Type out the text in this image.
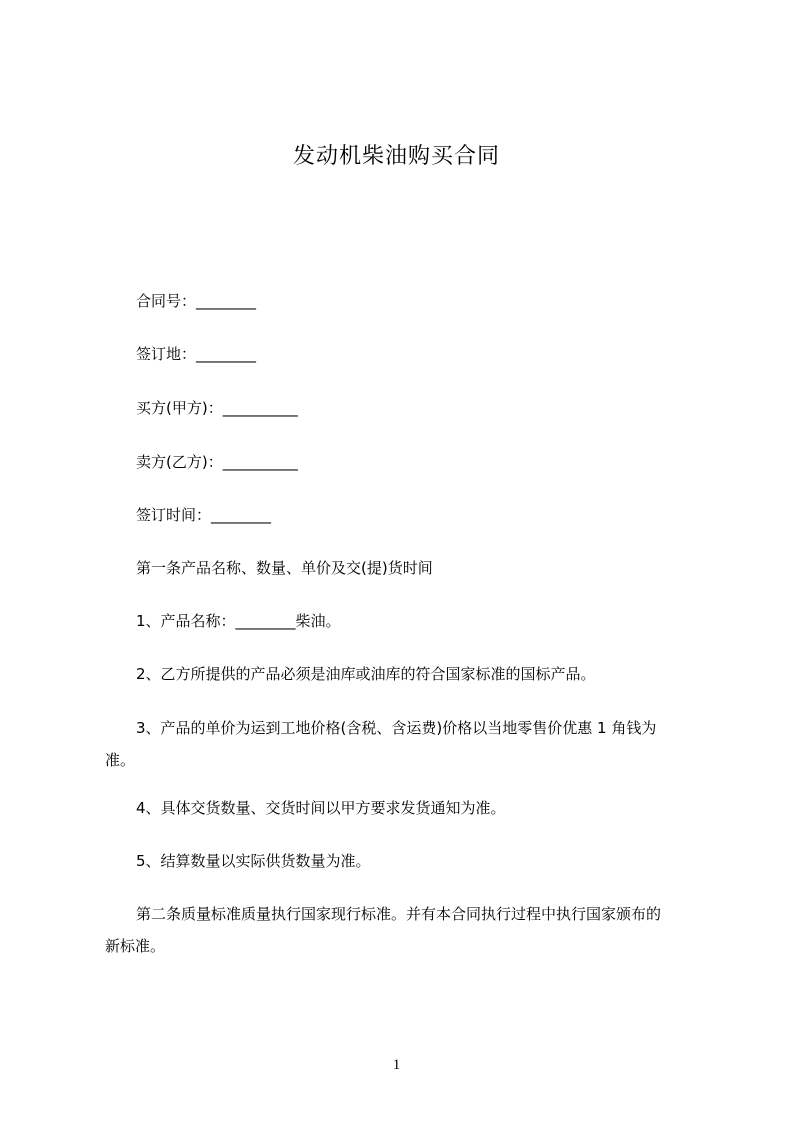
发动机柴油购买合同
合同号：________
签订地：________
买方(甲方)：__________
卖方(乙方)：__________
签订时间：________
第一条产品名称、数量、单价及交(提)货时间
1、产品名称：________柴油。
2、乙方所提供的产品必须是油库或油库的符合国家标准的国标产品。
3、产品的单价为运到工地价格(含税、含运费)价格以当地零售价优惠 1 角钱为
准。
4、具体交货数量、交货时间以甲方要求发货通知为准。
5、结算数量以实际供货数量为准。
第二条质量标准质量执行国家现行标准。并有本合同执行过程中执行国家颁布的
新标准。
1
